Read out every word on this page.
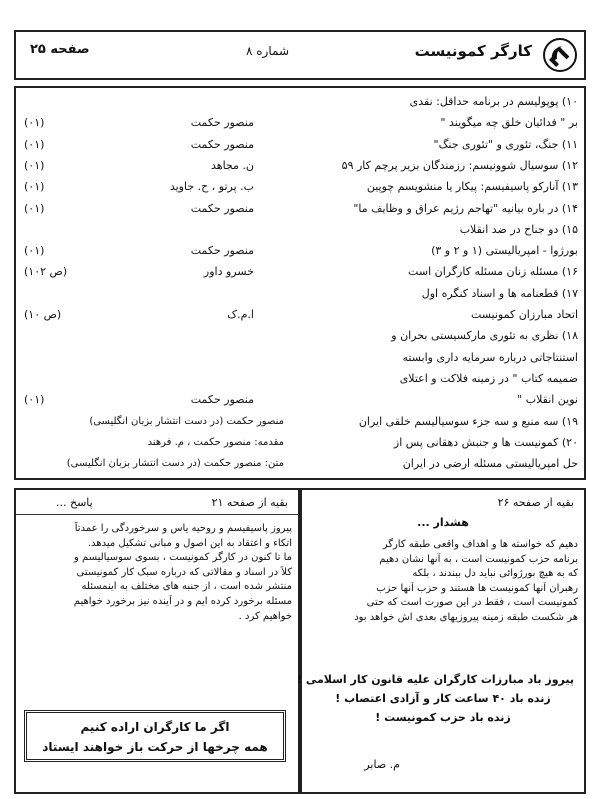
کارگر کمونیست
شماره ۸
صفحه ۲۵
۱۰) پوپولیسم در برنامه حداقل: نقدی
بر " فدائیان خلق چه میگویند "
منصور حکمت
(۰۱)
۱۱) جنگ، تئوری و "تئوری جنگ"
منصور حکمت
(۰۱)
۱۲) سوسیال شوونیسم: رزمندگان بزیر پرچم کار ۵۹
ن. مجاهد
(۰۱)
۱۳) آنارکو پاسیفیسم: پیکار یا منشویسم چوپین
ب. پرتو ، ح. جاوید
(۰۱)
۱۴) در باره بیانیه "تهاجم رژیم عراق و وظایف ما"
منصور حکمت
(۰۱)
۱۵) دو جناح در ضد انقلاب
بورژوا - امپریالیستی (۱ و ۲ و ۳)
منصور حکمت
(۰۱)
۱۶) مسئله زنان مسئله کارگران است
خسرو داور
(۱۰۲ ص)
۱۷) قطعنامه ها و اسناد کنگره اول
اتحاد مبارزان کمونیست
ا.م.ک
(۱۰ ص)
۱۸) نظری به تئوری مارکسیستی بحران و
استنتاجاتی درباره سرمایه داری وابسته
ضمیمه کتاب " در زمینه فلاکت و اعتلای
نوین انقلاب "
منصور حکمت
(۰۱)
۱۹) سه منبع و سه جزء سوسیالیسم خلقی ایران
منصور حکمت (در دست انتشار بزبان انگلیسی)
۲۰) کمونیست ها و جنبش دهقانی پس از
مقدمه: منصور حکمت ، م. فرهند
حل امپریالیستی مسئله ارضی در ایران
متن: منصور حکمت (در دست انتشار بزبان انگلیسی)
بقیه از صفحه ۲۱
پاسخ ...
پیروز پاسیفیسم و روحیه یاس و سرخوردگی را عمدتاً
اتکاء و اعتقاد به این اصول و مبانی تشکیل میدهد.
ما تا کنون در کارگر کمونیست ، بسوی سوسیالیسم و
کلاً در اسناد و مقالاتی که درباره سبک کار کمونیستی
منتشر شده است ، از جنبه های مختلف به اینمسئله
مسئله برخورد کرده ایم و در آینده نیز برخورد خواهیم
خواهیم کرد .
اگر ما کارگران اراده کنیم
همه چرخها از حرکت باز خواهند ایستاد
بقیه از صفحه ۲۶
هشدار ...
دهیم که خواسته ها و اهداف واقعی طبقه کارگر
برنامه حزب کمونیست است ، به آنها نشان دهیم
که به هیچ بورژوائی نباید دل ببندند ، بلکه
رهبران آنها کمونیست ها هستند و حزب آنها حزب
کمونیست است ، فقط در این صورت است که حتی
هر شکست طبقه زمینه پیروزیهای بعدی اش خواهد بود
پیروز باد مبارزات کارگران علیه قانون کار اسلامی !
زنده باد ۴۰ ساعت کار و آزادی اعتصاب !
زنده باد حزب کمونیست !
م. صابر
